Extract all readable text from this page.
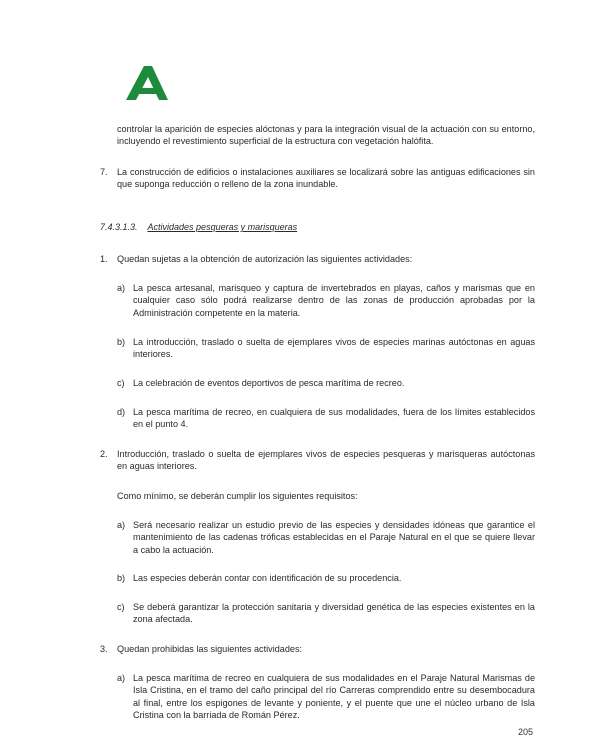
controlar la aparición de especies alóctonas y para la integración visual de la actuación con su entorno, incluyendo el revestimiento superficial de la estructura con vegetación halófita.
7. La construcción de edificios o instalaciones auxiliares se localizará sobre las antiguas edificaciones sin que suponga reducción o relleno de la zona inundable.
7.4.3.1.3. Actividades pesqueras y marisqueras
1. Quedan sujetas a la obtención de autorización las siguientes actividades:
a) La pesca artesanal, marisqueo y captura de invertebrados en playas, caños y marismas que en cualquier caso sólo podrá realizarse dentro de las zonas de producción aprobadas por la Administración competente en la materia.
b) La introducción, traslado o suelta de ejemplares vivos de especies marinas autóctonas en aguas interiores.
c) La celebración de eventos deportivos de pesca marítima de recreo.
d) La pesca marítima de recreo, en cualquiera de sus modalidades, fuera de los límites establecidos en el punto 4.
2. Introducción, traslado o suelta de ejemplares vivos de especies pesqueras y marisqueras autóctonas en aguas interiores.
Como mínimo, se deberán cumplir los siguientes requisitos:
a) Será necesario realizar un estudio previo de las especies y densidades idóneas que garantice el mantenimiento de las cadenas tróficas establecidas en el Paraje Natural en el que se quiere llevar a cabo la actuación.
b) Las especies deberán contar con identificación de su procedencia.
c) Se deberá garantizar la protección sanitaria y diversidad genética de las especies existentes en la zona afectada.
3. Quedan prohibidas las siguientes actividades:
a) La pesca marítima de recreo en cualquiera de sus modalidades en el Paraje Natural Marismas de Isla Cristina, en el tramo del caño principal del río Carreras comprendido entre su desembocadura al final, entre los espigones de levante y poniente, y el puente que une el núcleo urbano de Isla Cristina con la barriada de Román Pérez.
205
